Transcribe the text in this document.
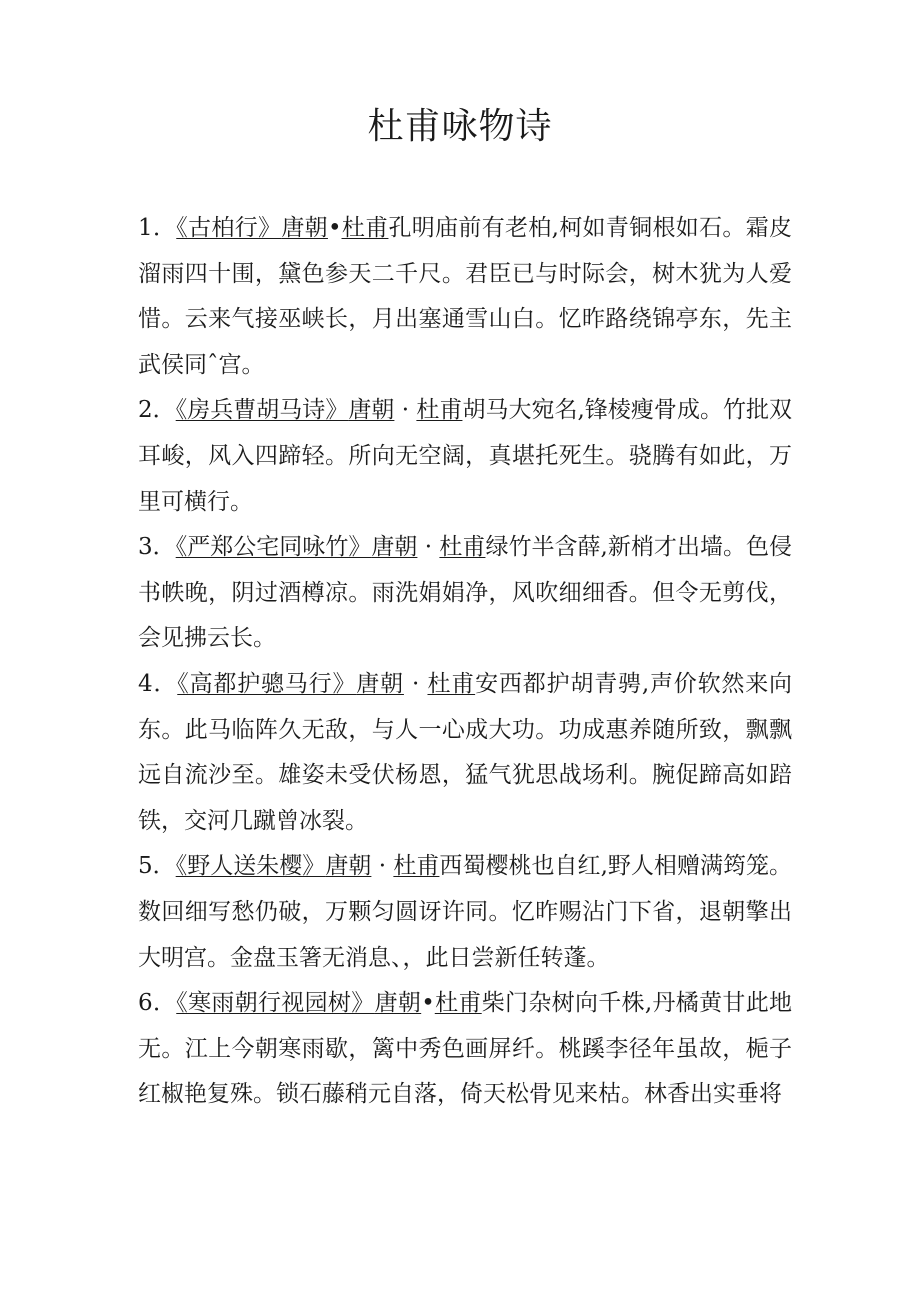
杜甫咏物诗

1．《古柏行》唐朝•杜甫孔明庙前有老柏,柯如青铜根如石。霜皮溜雨四十围，黛色参天二千尺。君臣已与时际会，树木犹为人爱惜。云来气接巫峡长，月出塞通雪山白。忆昨路绕锦亭东，先主武侯同ˆ宫。

2．《房兵曹胡马诗》唐朝 · 杜甫胡马大宛名,锋棱瘦骨成。竹批双耳峻，风入四蹄轻。所向无空阔，真堪托死生。骁腾有如此，万里可横行。

3．《严郑公宅同咏竹》唐朝 · 杜甫绿竹半含薛,新梢才出墙。色侵书帙晚，阴过酒樽凉。雨洗娟娟净，风吹细细香。但令无剪伐，会见拂云长。

4．《高都护骢马行》唐朝 · 杜甫安西都护胡青骋,声价软然来向东。此马临阵久无敌，与人一心成大功。功成惠养随所致，飘飘远自流沙至。雄姿未受伏杨恩，猛气犹思战场利。腕促蹄高如踣铁，交河几蹴曾冰裂。

5．《野人送朱樱》唐朝 · 杜甫西蜀樱桃也自红,野人相赠满筠笼。数回细写愁仍破，万颗匀圆讶许同。忆昨赐沾门下省，退朝擎出大明宫。金盘玉箸无消息、，此日尝新任转蓬。

6．《寒雨朝行视园树》唐朝•杜甫柴门杂树向千株,丹橘黄甘此地无。江上今朝寒雨歇，篱中秀色画屏纤。桃蹊李径年虽故，梔子红椒艳复殊。锁石藤稍元自落，倚天松骨见来枯。林香出实垂将
